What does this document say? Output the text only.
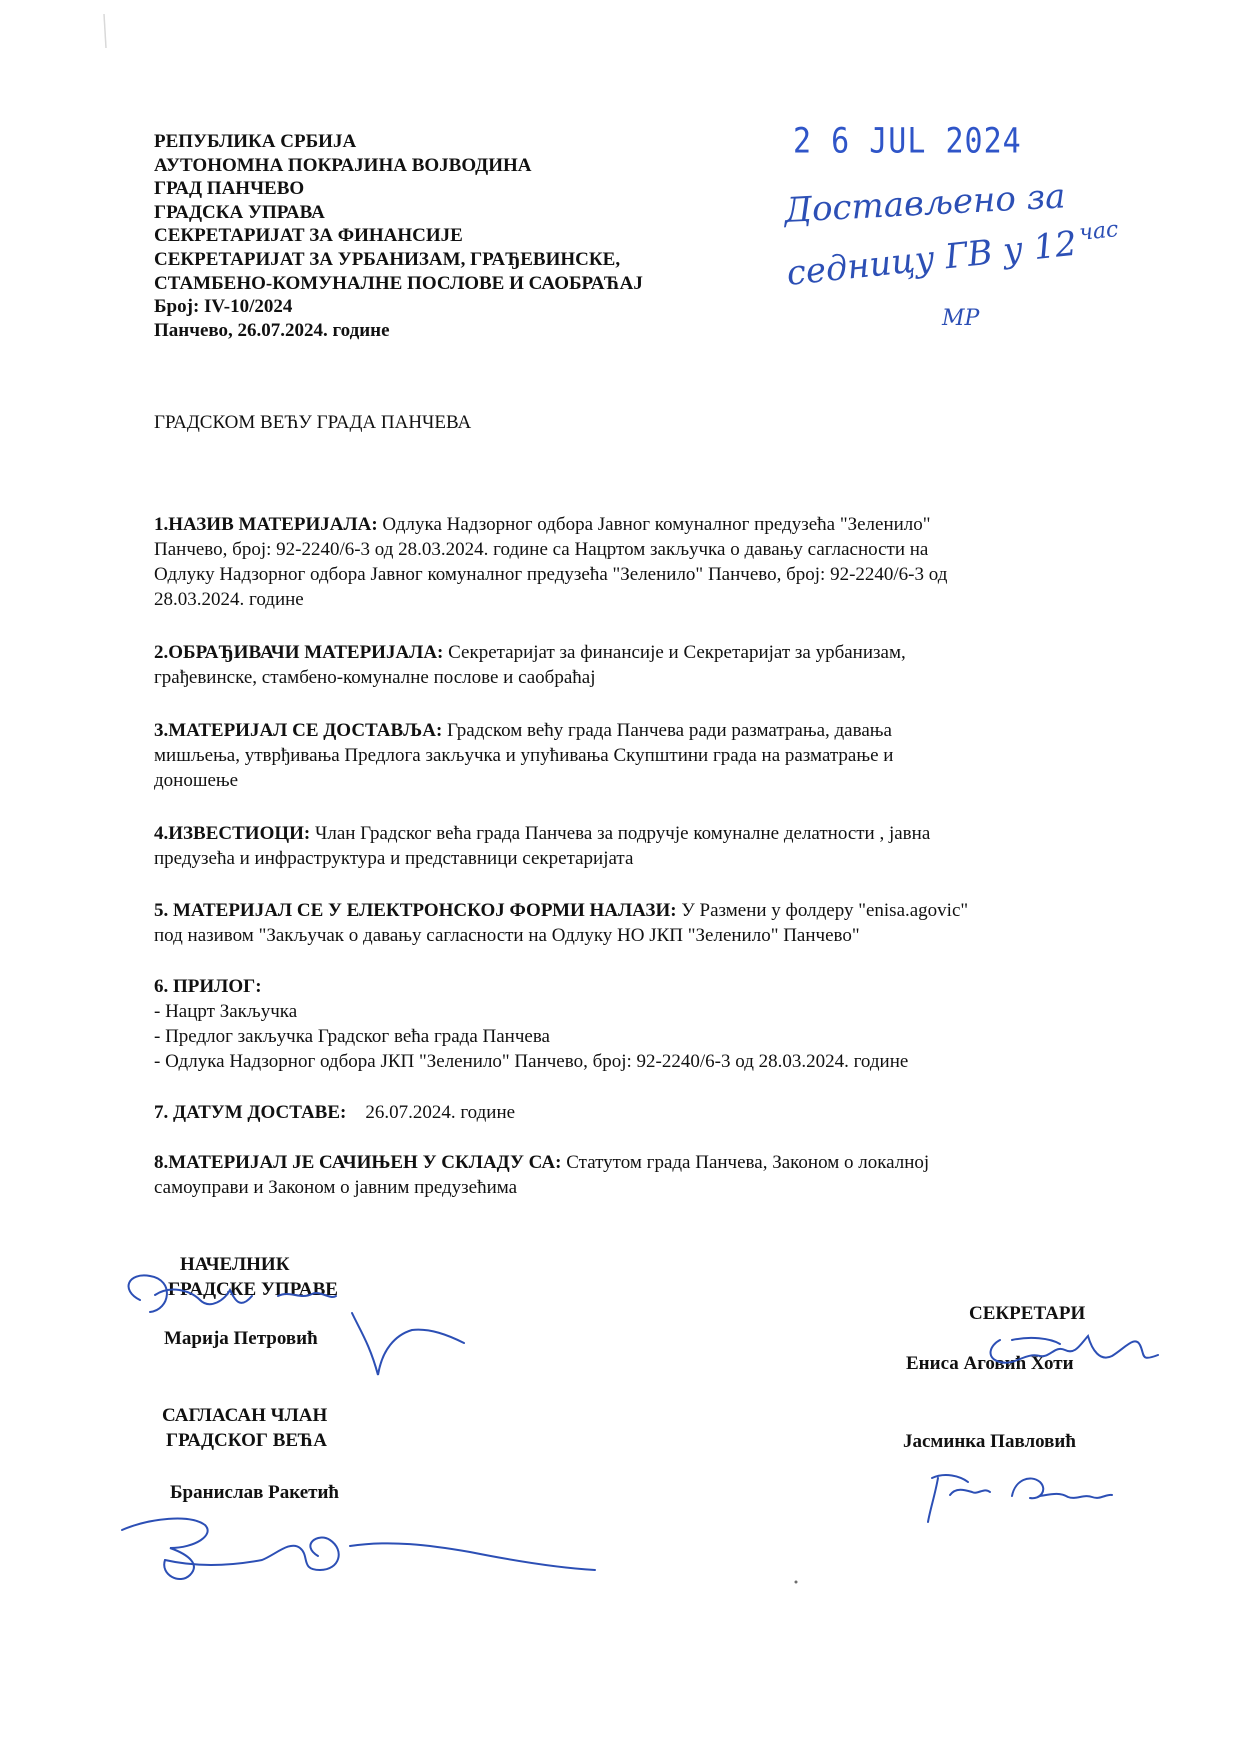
РЕПУБЛИКА СРБИЈА
АУТОНОМНА ПОКРАЈИНА ВОЈВОДИНА
ГРАД ПАНЧЕВО
ГРАДСКА УПРАВА
СЕКРЕТАРИЈАТ ЗА ФИНАНСИЈЕ
СЕКРЕТАРИЈАТ ЗА УРБАНИЗАМ, ГРАЂЕВИНСКЕ,
СТАМБЕНО-КОМУНАЛНЕ ПОСЛОВЕ И САОБРАЋАЈ
Број: IV-10/2024
Панчево, 26.07.2024. године
2 6 JUL 2024
ГРАДСКОМ ВЕЋУ ГРАДА ПАНЧЕВА
1.НАЗИВ МАТЕРИЈАЛА: Одлука Надзорног одбора Јавног комуналног предузећа "Зеленило"
Панчево, број: 92-2240/6-3 од 28.03.2024. године са Нацртом закључка о давању сагласности на
Одлуку Надзорног одбора Јавног комуналног предузећа "Зеленило" Панчево, број: 92-2240/6-3 од
28.03.2024. године
2.ОБРАЂИВАЧИ МАТЕРИЈАЛА: Секретаријат за финансије и Секретаријат за урбанизам,
грађевинске, стамбено-комуналне послове и саобраћај
3.МАТЕРИЈАЛ СЕ ДОСТАВЉА: Градском већу града Панчева ради разматрања, давања
мишљења, утврђивања Предлога закључка и упућивања Скупштини града на разматрање и
доношење
4.ИЗВЕСТИОЦИ: Члан Градског већа града Панчева за подручје комуналне делатности , јавна
предузећа и инфраструктура и представници секретаријата
5. МАТЕРИЈАЛ СЕ У ЕЛЕКТРОНСКОЈ ФОРМИ НАЛАЗИ: У Размени у фолдеру "enisa.agovic"
под називом "Закључак о давању сагласности на Одлуку НО ЈКП "Зеленило" Панчево"
6. ПРИЛОГ:
- Нацрт Закључка
- Предлог закључка Градског већа града Панчева
- Одлука Надзорног одбора ЈКП "Зеленило" Панчево, број: 92-2240/6-3 од 28.03.2024. године
7. ДАТУМ ДОСТАВЕ: 26.07.2024. године
8.МАТЕРИЈАЛ ЈЕ САЧИЊЕН У СКЛАДУ СА: Статутом града Панчева, Законом о локалној
самоуправи и Законом о јавним предузећима
НАЧЕЛНИК
ГРАДСКЕ УПРАВЕ
Марија Петровић
САГЛАСАН ЧЛАН
ГРАДСКОГ ВЕЋА
Бранислав Ракетић
СЕКРЕТАРИ
Ениса Аговић Хоти
Јасминка Павловић
Достављено за
седницу ГВ у 12 час
МР
